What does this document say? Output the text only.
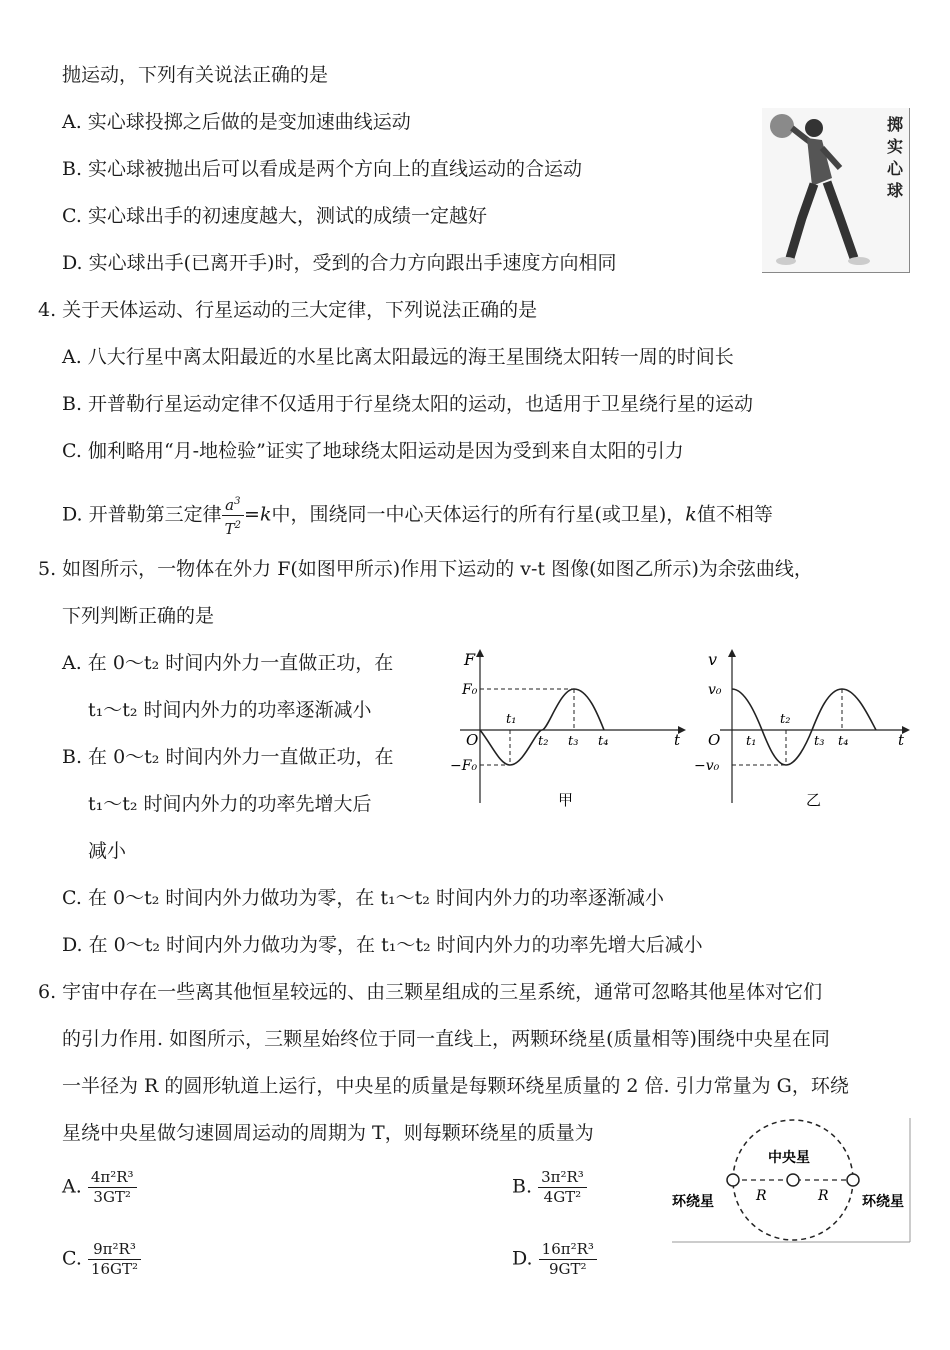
抛运动，下列有关说法正确的是
A. 实心球投掷之后做的是变加速曲线运动
B. 实心球被抛出后可以看成是两个方向上的直线运动的合运动
C. 实心球出手的初速度越大，测试的成绩一定越好
D. 实心球出手(已离开手)时，受到的合力方向跟出手速度方向相同
掷实心球
4. 关于天体运动、行星运动的三大定律，下列说法正确的是
A. 八大行星中离太阳最近的水星比离太阳最远的海王星围绕太阳转一周的时间长
B. 开普勒行星运动定律不仅适用于行星绕太阳的运动，也适用于卫星绕行星的运动
C. 伽利略用“月-地检验”证实了地球绕太阳运动是因为受到来自太阳的引力
D. 开普勒第三定律 $\frac{a^3}{T^2} =k$中，围绕同一中心天体运行的所有行星(或卫星)，k值不相等
5. 如图所示，一物体在外力 F(如图甲所示)作用下运动的 v-t 图像(如图乙所示)为余弦曲线，
下列判断正确的是
A. 在 0～t₂ 时间内外力一直做正功，在
t₁～t₂ 时间内外力的功率逐渐减小
B. 在 0～t₂ 时间内外力一直做正功，在
t₁～t₂ 时间内外力的功率先增大后
减小
C. 在 0～t₂ 时间内外力做功为零，在 t₁～t₂ 时间内外力的功率逐渐减小
D. 在 0～t₂ 时间内外力做功为零，在 t₁～t₂ 时间内外力的功率先增大后减小
F
t
O
F₀
−F₀
t₁
t₂ t₃ t₄
甲
v
t
O
v₀
−v₀
t₁
t₂
t₃ t₄
乙
6. 宇宙中存在一些离其他恒星较远的、由三颗星组成的三星系统，通常可忽略其他星体对它们
的引力作用. 如图所示，三颗星始终位于同一直线上，两颗环绕星(质量相等)围绕中央星在同
一半径为 R 的圆形轨道上运行，中央星的质量是每颗环绕星质量的 2 倍. 引力常量为 G，环绕
星绕中央星做匀速圆周运动的周期为 T，则每颗环绕星的质量为
中央星
环绕星	环绕星
R	R
A. $\frac{\text{4π²R³}}{\text{3GT²}}$	B. $\frac{\text{3π²R³}}{\text{4GT²}}$
C. $\frac{\text{9π²R³}}{\text{16GT²}}$	D. $\frac{\text{16π²R³}}{\text{9GT²}}$
